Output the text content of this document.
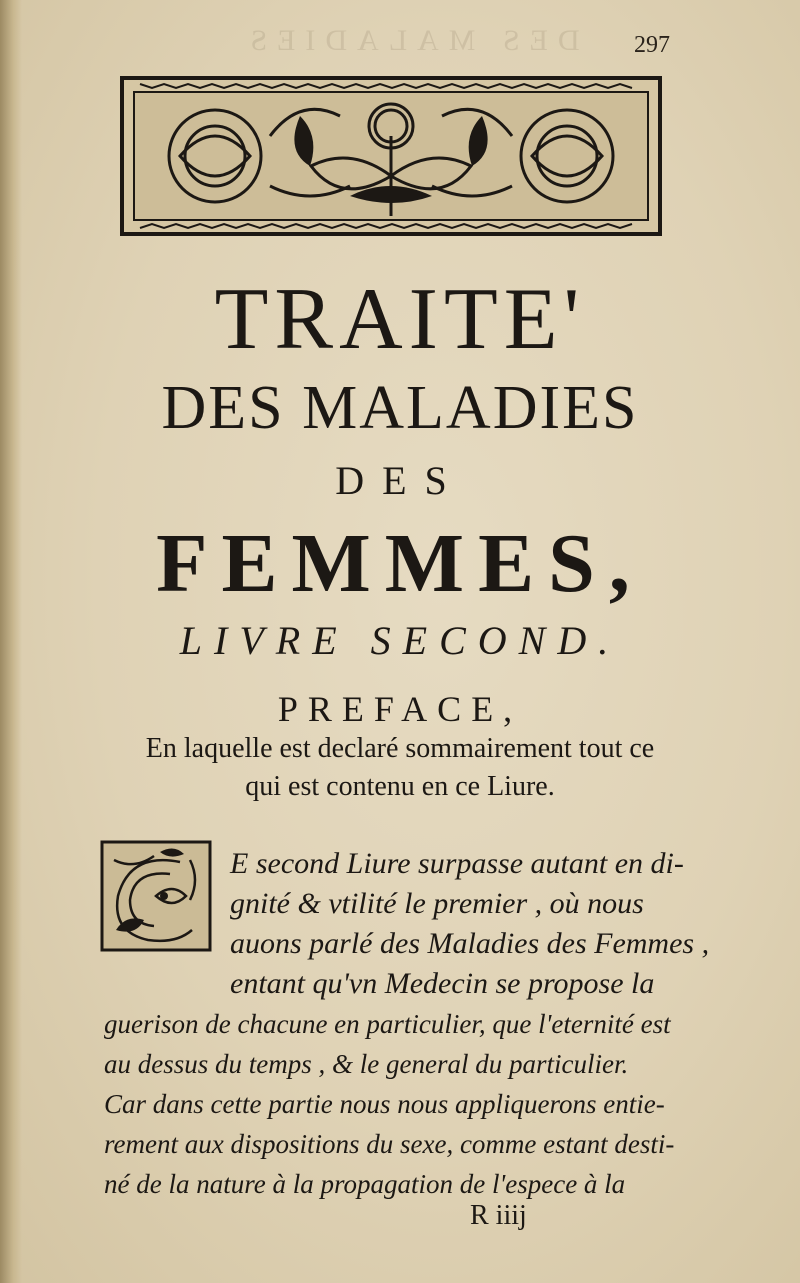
DES MALADIES	297
TRAITE'
DES MALADIES
DES
FEMMES,
LIVRE SECOND.
PREFACE,
En laquelle est declaré sommairement tout ce
qui est contenu en ce Liure.
E second Liure surpasse autant en di-
gnité & vtilité le premier , où nous
auons parlé des Maladies des Femmes ,
entant qu'vn Medecin se propose la
guerison de chacune en particulier, que l'eternité est
au dessus du temps , & le general du particulier.
Car dans cette partie nous nous appliquerons entie-
rement aux dispositions du sexe, comme estant desti-
né de la nature à la propagation de l'espece à la
R iiij
